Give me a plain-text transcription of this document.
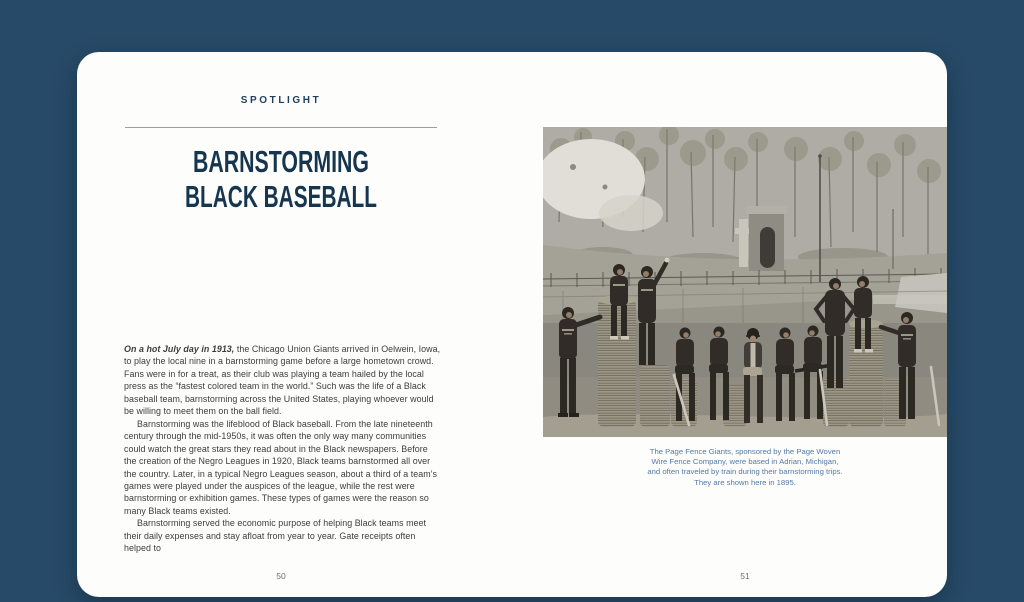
SPOTLIGHT
BARNSTORMING
BLACK BASEBALL

On a hot July day in 1913, the Chicago Union Giants arrived in Oelwein, Iowa, to play the local nine in a barnstorming game before a large hometown crowd. Fans were in for a treat, as their club was playing a team hailed by the local press as the “fastest colored team in the world.” Such was the life of a Black baseball team, barnstorming across the United States, playing whoever would be willing to meet them on the ball field.

Barnstorming was the lifeblood of Black baseball. From the late nineteenth century through the mid-1950s, it was often the only way many communities could watch the great stars they read about in the Black newspapers. Before the creation of the Negro Leagues in 1920, Black teams barnstormed all over the country. Later, in a typical Negro Leagues season, about a third of a team’s games were played under the auspices of the league, while the rest were barnstorming or exhibition games. These types of games were the reason so many Black teams existed.

Barnstorming served the economic purpose of helping Black teams meet their daily expenses and stay afloat from year to year. Gate receipts often helped to

50
The Page Fence Giants, sponsored by the Page Woven
Wire Fence Company, were based in Adrian, Michigan,
and often traveled by train during their barnstorming trips.
They are shown here in 1895.
51
